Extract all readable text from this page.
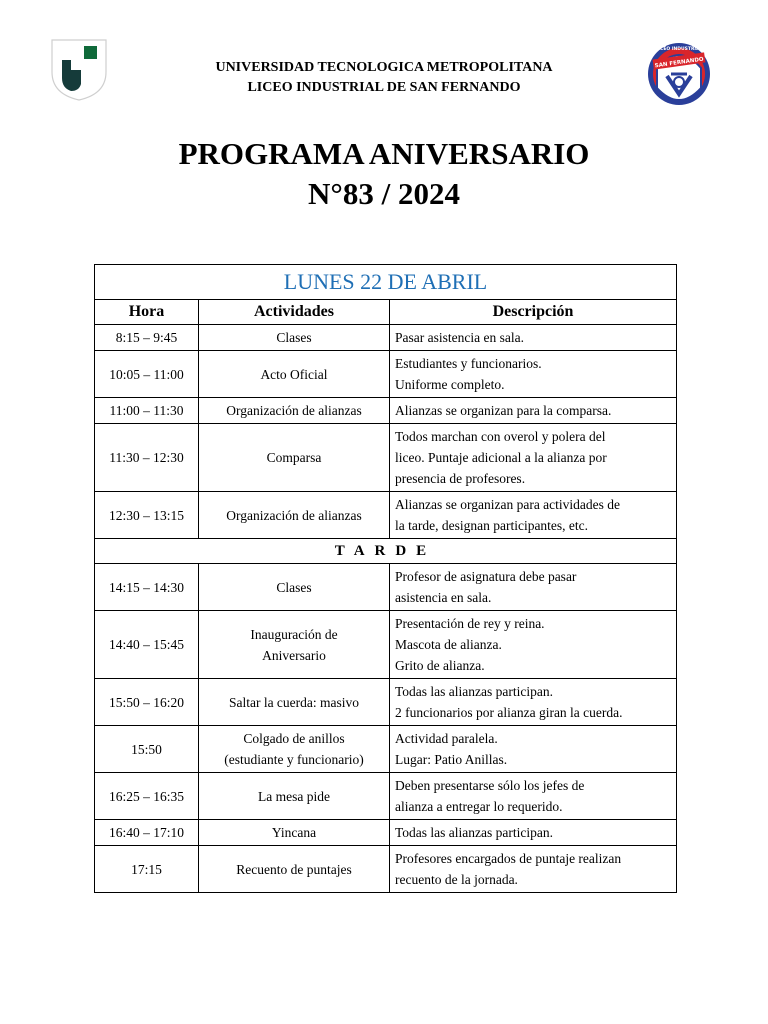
SAN FERNANDO
LICEO INDUSTRIAL
UNIVERSIDAD TECNOLOGICA METROPOLITANA
LICEO INDUSTRIAL DE SAN FERNANDO
PROGRAMA ANIVERSARIO
N°83 / 2024
LUNES 22 DE ABRIL		
Hora	Actividades	Descripción
8:15 – 9:45	Clases	Pasar asistencia en sala.

10:05 – 11:00	Acto Oficial	Estudiantes y funcionarios.
Uniforme completo.

11:00 – 11:30	Organización de alianzas	Alianzas se organizan para la comparsa.

11:30 – 12:30	Comparsa	Todos marchan con overol y polera del
liceo. Puntaje adicional a la alianza por
presencia de profesores.

12:30 – 13:15	Organización de alianzas	Alianzas se organizan para actividades de
la tarde, designan participantes, etc.

TARDE		
14:15 – 14:30	Clases	Profesor de asignatura debe pasar
asistencia en sala.

14:40 – 15:45	Inauguración de
Aniversario	Presentación de rey y reina.
Mascota de alianza.
Grito de alianza.

15:50 – 16:20	Saltar la cuerda: masivo	Todas las alianzas participan.
2 funcionarios por alianza giran la cuerda.

15:50	Colgado de anillos
(estudiante y funcionario)	Actividad paralela.
Lugar: Patio Anillas.

16:25 – 16:35	La mesa pide	Deben presentarse sólo los jefes de
alianza a entregar lo requerido.

16:40 – 17:10	Yincana	Todas las alianzas participan.

17:15	Recuento de puntajes	Profesores encargados de puntaje realizan
recuento de la jornada.
